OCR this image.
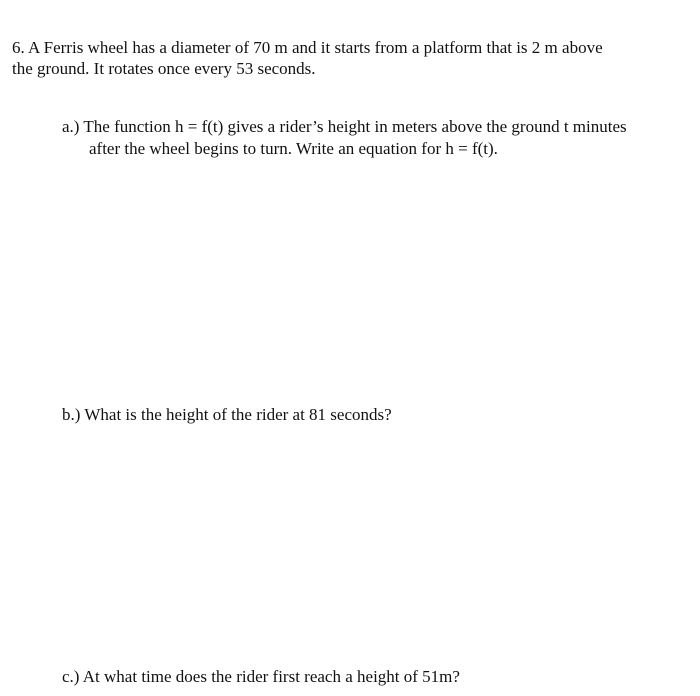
6. A Ferris wheel has a diameter of 70 m and it starts from a platform that is 2 m above
the ground. It rotates once every 53 seconds.
a.) The function h = f(t) gives a rider’s height in meters above the ground t minutes
after the wheel begins to turn. Write an equation for h = f(t).
b.) What is the height of the rider at 81 seconds?
c.) At what time does the rider first reach a height of 51m?
